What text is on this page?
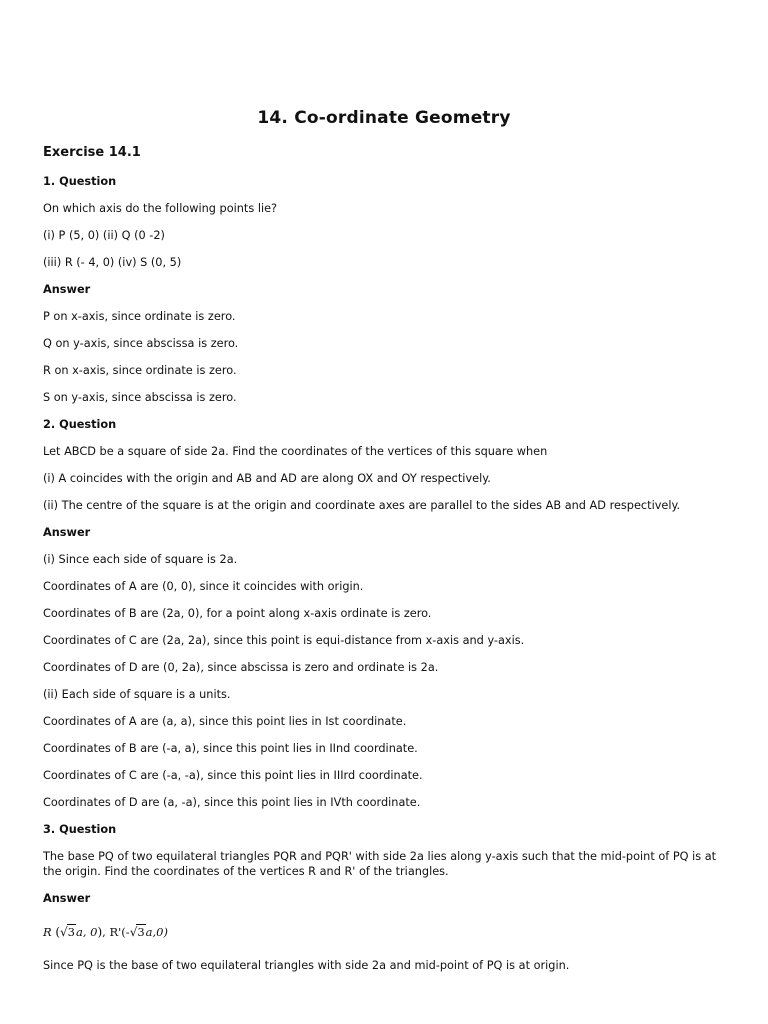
14. Co-ordinate Geometry
Exercise 14.1
1. Question
On which axis do the following points lie?
(i) P (5, 0) (ii) Q (0 -2)
(iii) R (- 4, 0) (iv) S (0, 5)
Answer
P on x-axis, since ordinate is zero.
Q on y-axis, since abscissa is zero.
R on x-axis, since ordinate is zero.
S on y-axis, since abscissa is zero.
2. Question
Let ABCD be a square of side 2a. Find the coordinates of the vertices of this square when
(i) A coincides with the origin and AB and AD are along OX and OY respectively.
(ii) The centre of the square is at the origin and coordinate axes are parallel to the sides AB and AD respectively.
Answer
(i) Since each side of square is 2a.
Coordinates of A are (0, 0), since it coincides with origin.
Coordinates of B are (2a, 0), for a point along x-axis ordinate is zero.
Coordinates of C are (2a, 2a), since this point is equi-distance from x-axis and y-axis.
Coordinates of D are (0, 2a), since abscissa is zero and ordinate is 2a.
(ii) Each side of square is a units.
Coordinates of A are (a, a), since this point lies in Ist coordinate.
Coordinates of B are (-a, a), since this point lies in IInd coordinate.
Coordinates of C are (-a, -a), since this point lies in IIIrd coordinate.
Coordinates of D are (a, -a), since this point lies in IVth coordinate.
3. Question
The base PQ of two equilateral triangles PQR and PQR' with side 2a lies along y-axis such that the mid-point of PQ is at the origin. Find the coordinates of the vertices R and R' of the triangles.
Answer
R (√3a, 0), R'(-√3a,0)
Since PQ is the base of two equilateral triangles with side 2a and mid-point of PQ is at origin.
